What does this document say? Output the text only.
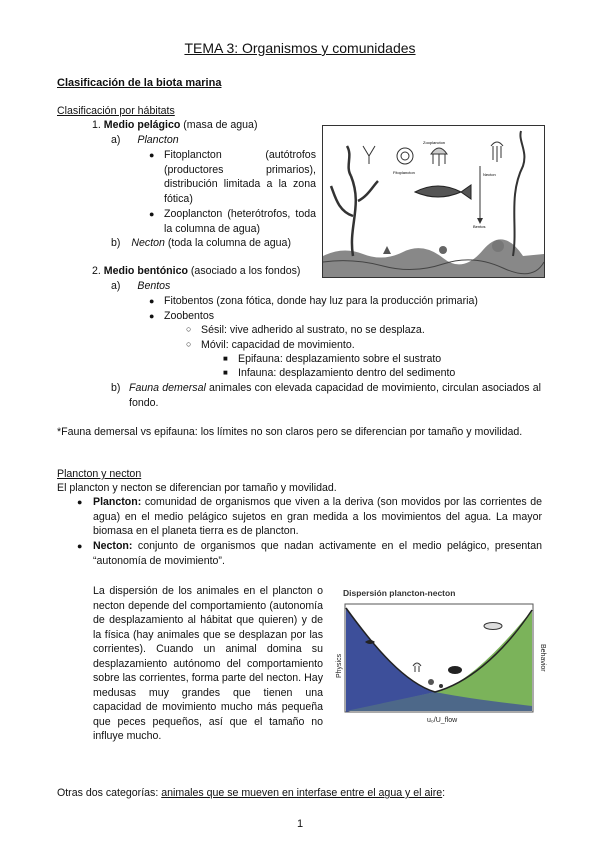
TEMA 3: Organismos y comunidades
Clasificación de la biota marina
Clasificación por hábitats
1. Medio pelágico (masa de agua)
a) Plancton
● Fitoplancton (autótrofos (productores primarios), distribución limitada a la zona fótica)
● Zooplancton (heterótrofos, toda la columna de agua)
b) Necton (toda la columna de agua)
Fitoplancton
Zooplancton
Necton
Bentos
2. Medio bentónico (asociado a los fondos)
a) Bentos
● Fitobentos (zona fótica, donde hay luz para la producción primaria)
● Zoobentos
○ Sésil: vive adherido al sustrato, no se desplaza.
○ Móvil: capacidad de movimiento.
■ Epifauna: desplazamiento sobre el sustrato
■ Infauna: desplazamiento dentro del sedimento
b) Fauna demersal animales con elevada capacidad de movimiento, circulan asociados al fondo.
*Fauna demersal vs epifauna: los límites no son claros pero se diferencian por tamaño y movilidad.
Plancton y necton
El plancton y necton se diferencian por tamaño y movilidad.
● Plancton: comunidad de organismos que viven a la deriva (son movidos por las corrientes de agua) en el medio pelágico sujetos en gran medida a los movimientos del agua. La mayor biomasa en el planeta tierra es de plancton.
● Necton: conjunto de organismos que nadan activamente en el medio pelágico, presentan “autonomía de movimiento”.
La dispersión de los animales en el plancton o necton depende del comportamiento (autonomía de desplazamiento al hábitat que quieren) y de la física (hay animales que se desplazan por las corrientes). Cuando un animal domina su desplazamiento autónomo del comportamiento sobre las corrientes, forma parte del necton. Hay medusas muy grandes que tienen una capacidad de movimiento mucho más pequeña que peces pequeños, así que el tamaño no influye mucho.
Dispersión plancton-necton
Physics	Behavior
u₀/U_flow
Otras dos categorías: animales que se mueven en interfase entre el agua y el aire:
1
